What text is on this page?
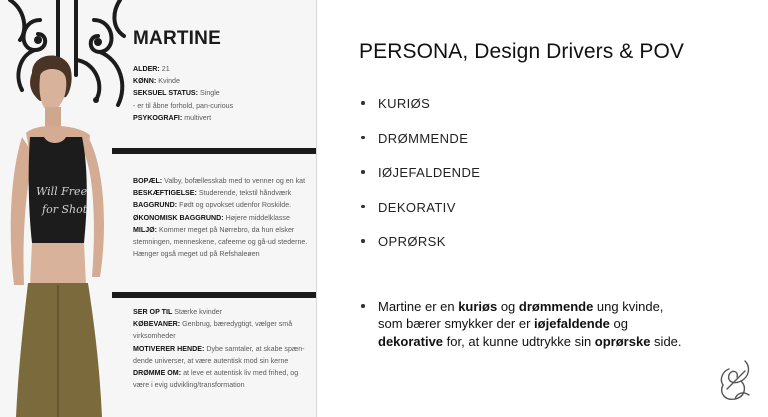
Will Free
for Shot
MARTINE
ALDER: 21
KØNN: Kvinde
SEKSUEL STATUS: Single
- er til åbne forhold, pan-curious
PSYKOGRAFI: multivert
BOPÆL: Valby, bofællesskab med to venner og en kat
BESKÆFTIGELSE: Studerende, tekstil håndværk
BAGGRUND: Født og opvokset udenfor Roskilde.
ØKONOMISK BAGGRUND: Højere middelklasse
MILJØ: Kommer meget på Nørrebro, da hun elsker
stemningen, menneskene, cafeerne og gå-ud stederne.
Hænger også meget ud på Refshaleøen
SER OP TIL Stærke kvinder
KØBEVANER: Genbrug, bæredygtigt, vælger små
virksomheder
MOTIVERER HENDE: Dybe samtaler, at skabe spæn-
dende universer, at være autentisk mod sin kerne
DRØMME OM: at leve et autentisk liv med frihed, og
være i evig udvikling/transformation
PERSONA, Design Drivers & POV
KURIØS
DRØMMENDE
IØJEFALDENDE
DEKORATIV
OPRØRSK
Martine er en kuriøs og drømmende ung kvinde, som bærer smykker der er iøjefaldende og dekorative for, at kunne udtrykke sin oprørske side.
